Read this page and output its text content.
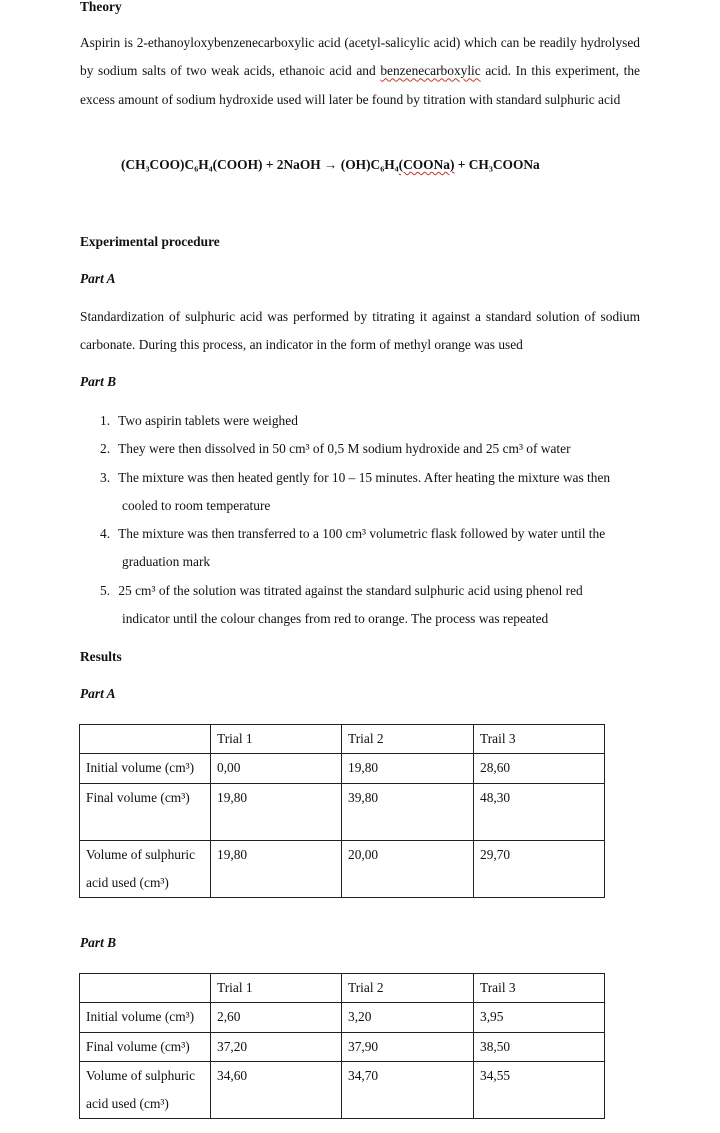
Theory
Aspirin is 2-ethanoyloxybenzenecarboxylic acid (acetyl-salicylic acid) which can be readily hydrolysed by sodium salts of two weak acids, ethanoic acid and benzenecarboxylic acid. In this experiment, the excess amount of sodium hydroxide used will later be found by titration with standard sulphuric acid
(CH₃COO)C₆H₄(COOH) + 2NaOH → (OH)C₆H₄(COONa) + CH₃COONa
Experimental procedure
Part A
Standardization of sulphuric acid was performed by titrating it against a standard solution of sodium carbonate. During this process, an indicator in the form of methyl orange was used
Part B
1. Two aspirin tablets were weighed
2. They were then dissolved in 50 cm³ of 0,5 M sodium hydroxide and 25 cm³ of water
3. The mixture was then heated gently for 10 – 15 minutes. After heating the mixture was then
cooled to room temperature
4. The mixture was then transferred to a 100 cm³ volumetric flask followed by water until the
graduation mark
5. 25 cm³ of the solution was titrated against the standard sulphuric acid using phenol red
indicator until the colour changes from red to orange. The process was repeated
Results
Part A
	Trial 1	Trial 2	Trail 3
Initial volume (cm³)	0,00	19,80	28,60
Final volume (cm³)	19,80	39,80	48,30

Volume of sulphuric
acid used (cm³)	19,80	20,00	29,70
Part B
	Trial 1	Trial 2	Trail 3
Initial volume (cm³)	2,60	3,20	3,95
Final volume (cm³)	37,20	37,90	38,50

Volume of sulphuric
acid used (cm³)	34,60	34,70	34,55
